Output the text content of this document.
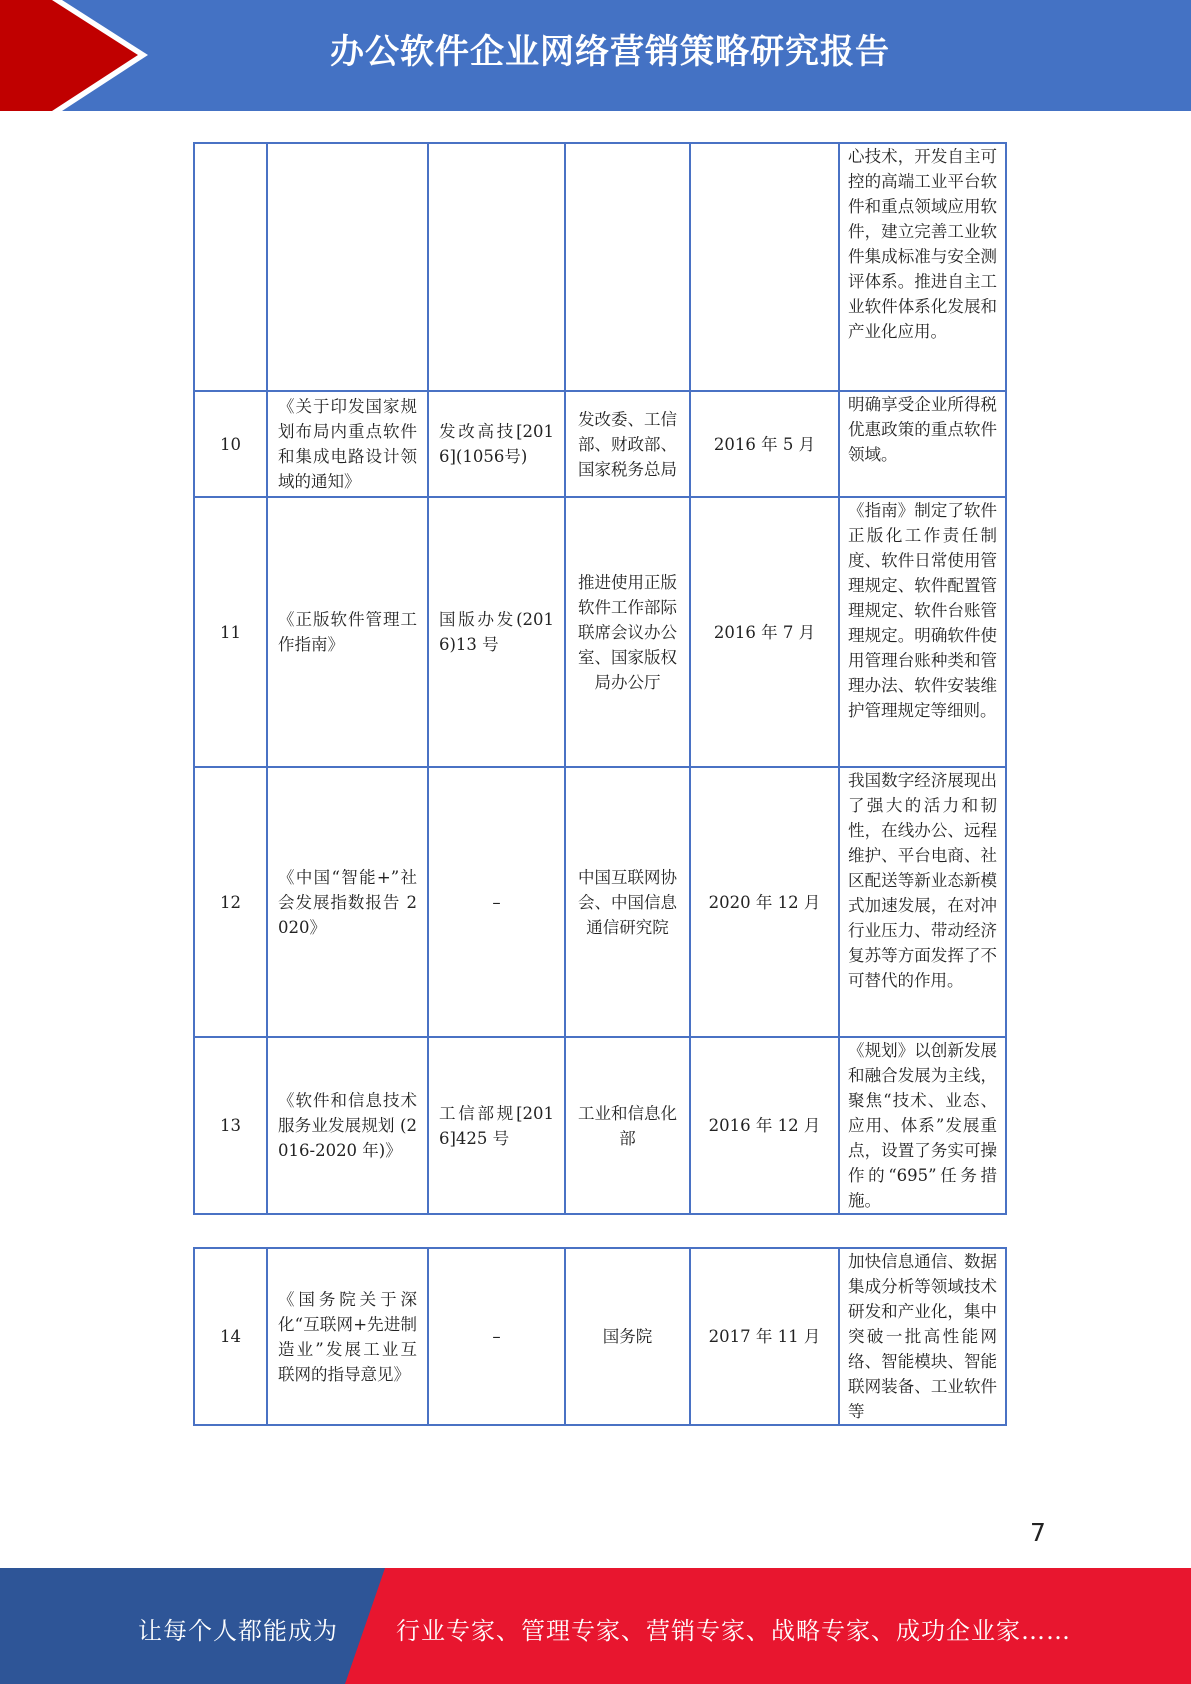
办公软件企业网络营销策略研究报告
					心技术，开发自主可控的高端工业平台软件和重点领域应用软件，建立完善工业软件集成标准与安全测评体系。推进自主工业软件体系化发展和产业化应用。
10	《关于印发国家规划布局内重点软件和集成电路设计领域的通知》	发改高技[2016](1056号)	发改委、工信部、财政部、国家税务总局	2016 年 5 月	明确享受企业所得税优惠政策的重点软件领域。
11	《正版软件管理工作指南》	国版办发(2016)13 号	推进使用正版软件工作部际联席会议办公室、国家版权局办公厅	2016 年 7 月	《指南》制定了软件正版化工作责任制度、软件日常使用管理规定、软件配置管理规定、软件台账管理规定。明确软件使用管理台账种类和管理办法、软件安装维护管理规定等细则。
12	《中国“智能+”社会发展指数报告 2020》	–	中国互联网协会、中国信息通信研究院	2020 年 12 月	我国数字经济展现出了强大的活力和韧性，在线办公、远程维护、平台电商、社区配送等新业态新模式加速发展，在对冲行业压力、带动经济复苏等方面发挥了不可替代的作用。
13	《软件和信息技术服务业发展规划 (2016-2020 年)》	工信部规[2016]425 号	工业和信息化部	2016 年 12 月	《规划》以创新发展和融合发展为主线，聚焦“技术、业态、应用、体系”发展重点，设置了务实可操作的“695”任务措施。
14	《国务院关于深化“互联网+先进制造业”发展工业互联网的指导意见》	–	国务院	2017 年 11 月	加快信息通信、数据集成分析等领域技术研发和产业化，集中突破一批高性能网络、智能模块、智能联网装备、工业软件等
7
让每个人都能成为 行业专家、管理专家、营销专家、战略专家、成功企业家……
